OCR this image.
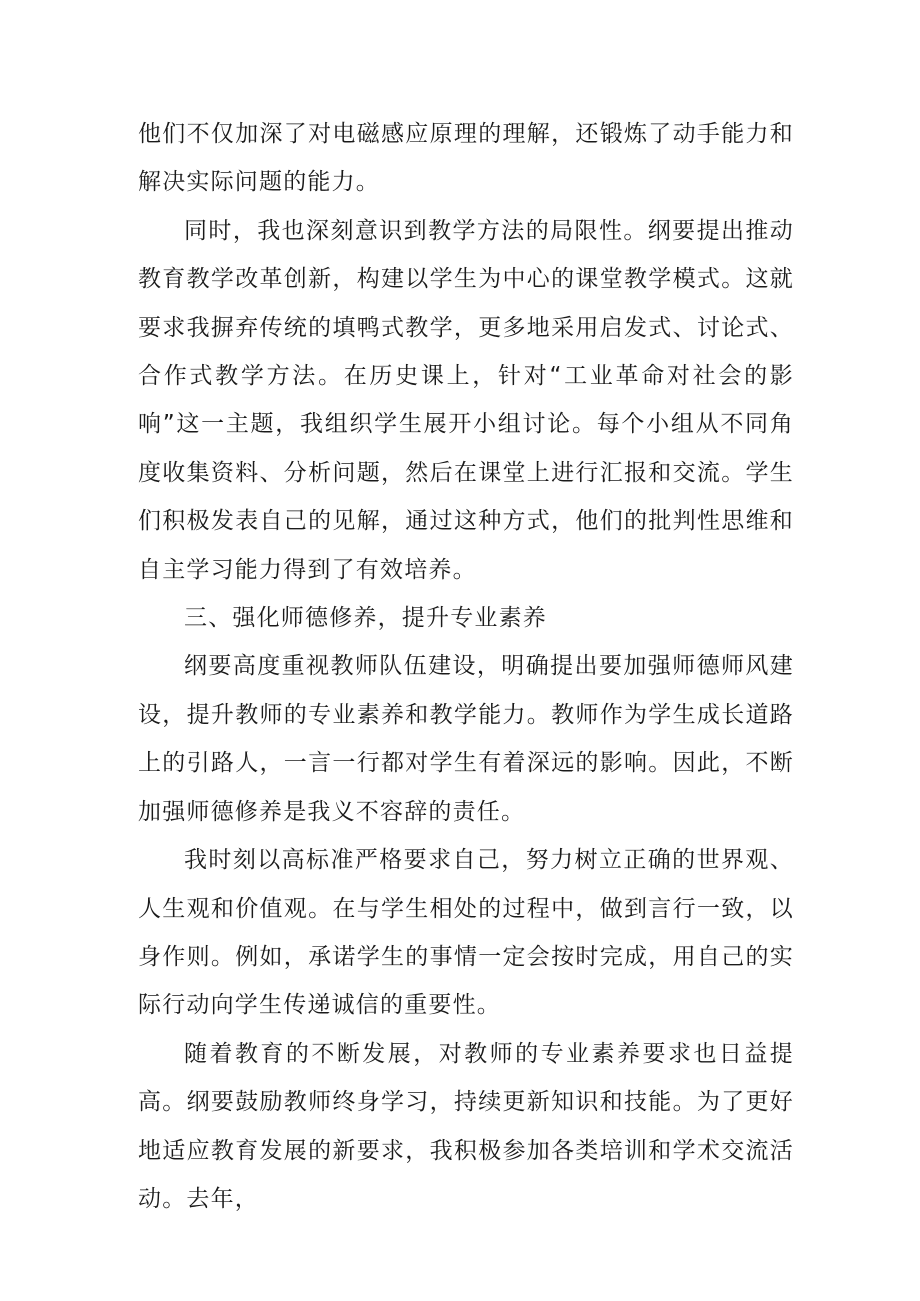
他们不仅加深了对电磁感应原理的理解，还锻炼了动手能力和解决实际问题的能力。

同时，我也深刻意识到教学方法的局限性。纲要提出推动教育教学改革创新，构建以学生为中心的课堂教学模式。这就要求我摒弃传统的填鸭式教学，更多地采用启发式、讨论式、合作式教学方法。在历史课上，针对“工业革命对社会的影响”这一主题，我组织学生展开小组讨论。每个小组从不同角度收集资料、分析问题，然后在课堂上进行汇报和交流。学生们积极发表自己的见解，通过这种方式，他们的批判性思维和自主学习能力得到了有效培养。

三、强化师德修养，提升专业素养

纲要高度重视教师队伍建设，明确提出要加强师德师风建设，提升教师的专业素养和教学能力。教师作为学生成长道路上的引路人，一言一行都对学生有着深远的影响。因此，不断加强师德修养是我义不容辞的责任。

我时刻以高标准严格要求自己，努力树立正确的世界观、人生观和价值观。在与学生相处的过程中，做到言行一致，以身作则。例如，承诺学生的事情一定会按时完成，用自己的实际行动向学生传递诚信的重要性。

随着教育的不断发展，对教师的专业素养要求也日益提高。纲要鼓励教师终身学习，持续更新知识和技能。为了更好地适应教育发展的新要求，我积极参加各类培训和学术交流活动。去年，
